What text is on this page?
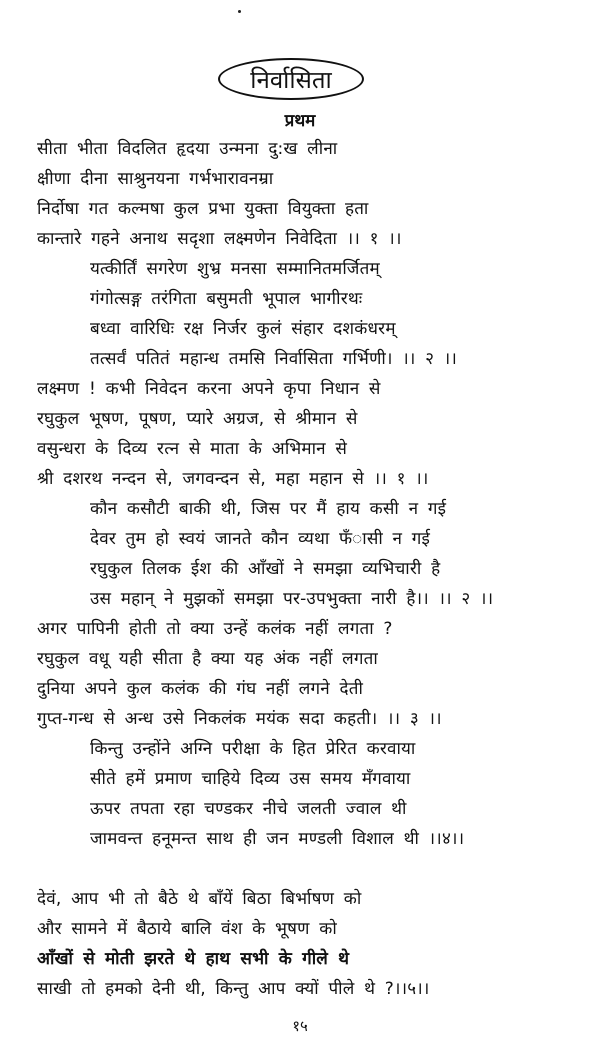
निर्वासिता
प्रथम
सीता भीता विदलित हृदया उन्मना दु:ख लीना
क्षीणा दीना साश्रुनयना गर्भभारावनम्रा
निर्दोषा गत कल्मषा कुल प्रभा युक्ता वियुक्ता हता
कान्तारे गहने अनाथ सदृशा लक्ष्मणेन निवेदिता ।। १ ।।
यत्कीर्तिं सगरेण शुभ्र मनसा सम्मानितमर्जितम्
गंगोत्सङ्ग तरंगिता बसुमती भूपाल भागीरथः
बध्वा वारिधिः रक्ष निर्जर कुलं संहार दशकंधरम्
तत्सर्वं पतितं महान्ध तमसि निर्वासिता गर्भिणी। ।। २ ।।
लक्ष्मण ! कभी निवेदन करना अपने कृपा निधान से
रघुकुल भूषण, पूषण, प्यारे अग्रज, से श्रीमान से
वसुन्धरा के दिव्य रत्न से माता के अभिमान से
श्री दशरथ नन्दन से, जगवन्दन से, महा महान से ।। १ ।।
कौन कसौटी बाकी थी, जिस पर मैं हाय कसी न गई
देवर तुम हो स्वयं जानते कौन व्यथा फँासी न गई
रघुकुल तिलक ईश की आँखों ने समझा व्यभिचारी है
उस महान् ने मुझकों समझा पर-उपभुक्ता नारी है।। ।। २ ।।
अगर पापिनी होती तो क्या उन्हें कलंक नहीं लगता ?
रघुकुल वधू यही सीता है क्या यह अंक नहीं लगता
दुनिया अपने कुल कलंक की गंघ नहीं लगने देती
गुप्त-गन्ध से अन्ध उसे निकलंक मयंक सदा कहती। ।। ३ ।।
किन्तु उन्होंने अग्नि परीक्षा के हित प्रेरित करवाया
सीते हमें प्रमाण चाहिये दिव्य उस समय मँगवाया
ऊपर तपता रहा चण्डकर नीचे जलती ज्वाल थी
जामवन्त हनूमन्त साथ ही जन मण्डली विशाल थी ।।४।।
देवं, आप भी तो बैठे थे बाँयें बिठा बिर्भाषण को
और सामने में बैठाये बालि वंश के भूषण को
आँखों से मोती झरते थे हाथ सभी के गीले थे
साखी तो हमको देनी थी, किन्तु आप क्यों पीले थे ?।।५।।
१५
